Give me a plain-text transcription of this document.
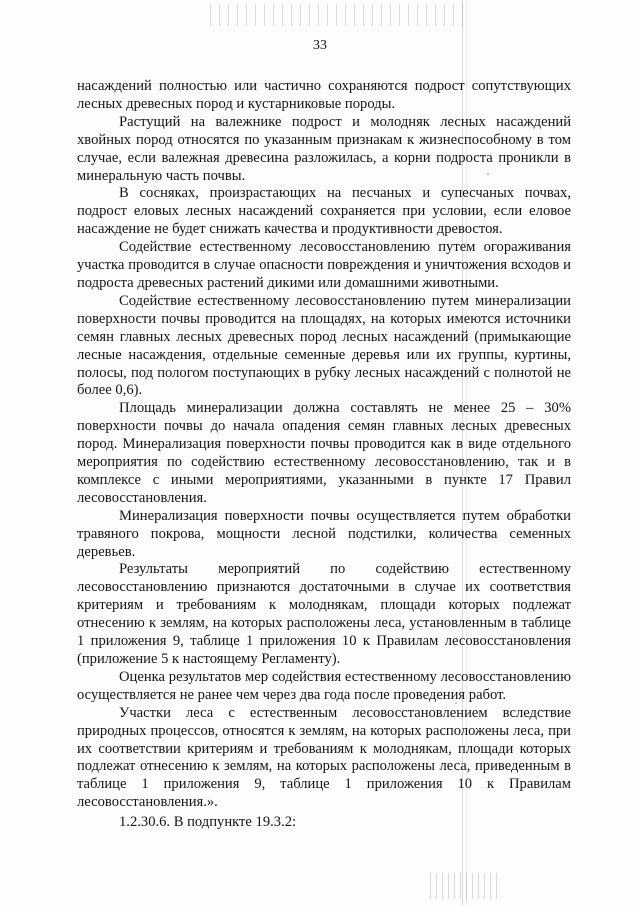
33

насаждений полностью или частично сохраняются подрост сопутствующих лесных древесных пород и кустарниковые породы.

Растущий на валежнике подрост и молодняк лесных насаждений хвойных пород относятся по указанным признакам к жизнеспособному в том случае, если валежная древесина разложилась, а корни подроста проникли в минеральную часть почвы.

В сосняках, произрастающих на песчаных и супесчаных почвах, подрост еловых лесных насаждений сохраняется при условии, если еловое насаждение не будет снижать качества и продуктивности древостоя.

Содействие естественному лесовосстановлению путем огораживания участка проводится в случае опасности повреждения и уничтожения всходов и подроста древесных растений дикими или домашними животными.

Содействие естественному лесовосстановлению путем минерализации поверхности почвы проводится на площадях, на которых имеются источники семян главных лесных древесных пород лесных насаждений (примыкающие лесные насаждения, отдельные семенные деревья или их группы, куртины, полосы, под пологом поступающих в рубку лесных насаждений с полнотой не более 0,6).

Площадь минерализации должна составлять не менее 25 – 30% поверхности почвы до начала опадения семян главных лесных древесных пород. Минерализация поверхности почвы проводится как в виде отдельного мероприятия по содействию естественному лесовосстановлению, так и в комплексе с иными мероприятиями, указанными в пункте 17 Правил лесовосстановления.

Минерализация поверхности почвы осуществляется путем обработки травяного покрова, мощности лесной подстилки, количества семенных деревьев.

Результаты мероприятий по содействию естественному лесовосстановлению признаются достаточными в случае их соответствия критериям и требованиям к молоднякам, площади которых подлежат отнесению к землям, на которых расположены леса, установленным в таблице 1 приложения 9, таблице 1 приложения 10 к Правилам лесовосстановления (приложение 5 к настоящему Регламенту).

Оценка результатов мер содействия естественному лесовосстановлению осуществляется не ранее чем через два года после проведения работ.

Участки леса с естественным лесовосстановлением вследствие природных процессов, относятся к землям, на которых расположены леса, при их соответствии критериям и требованиям к молоднякам, площади которых подлежат отнесению к землям, на которых расположены леса, приведенным в таблице 1 приложения 9, таблице 1 приложения 10 к Правилам лесовосстановления.».

1.2.30.6. В подпункте 19.3.2:
